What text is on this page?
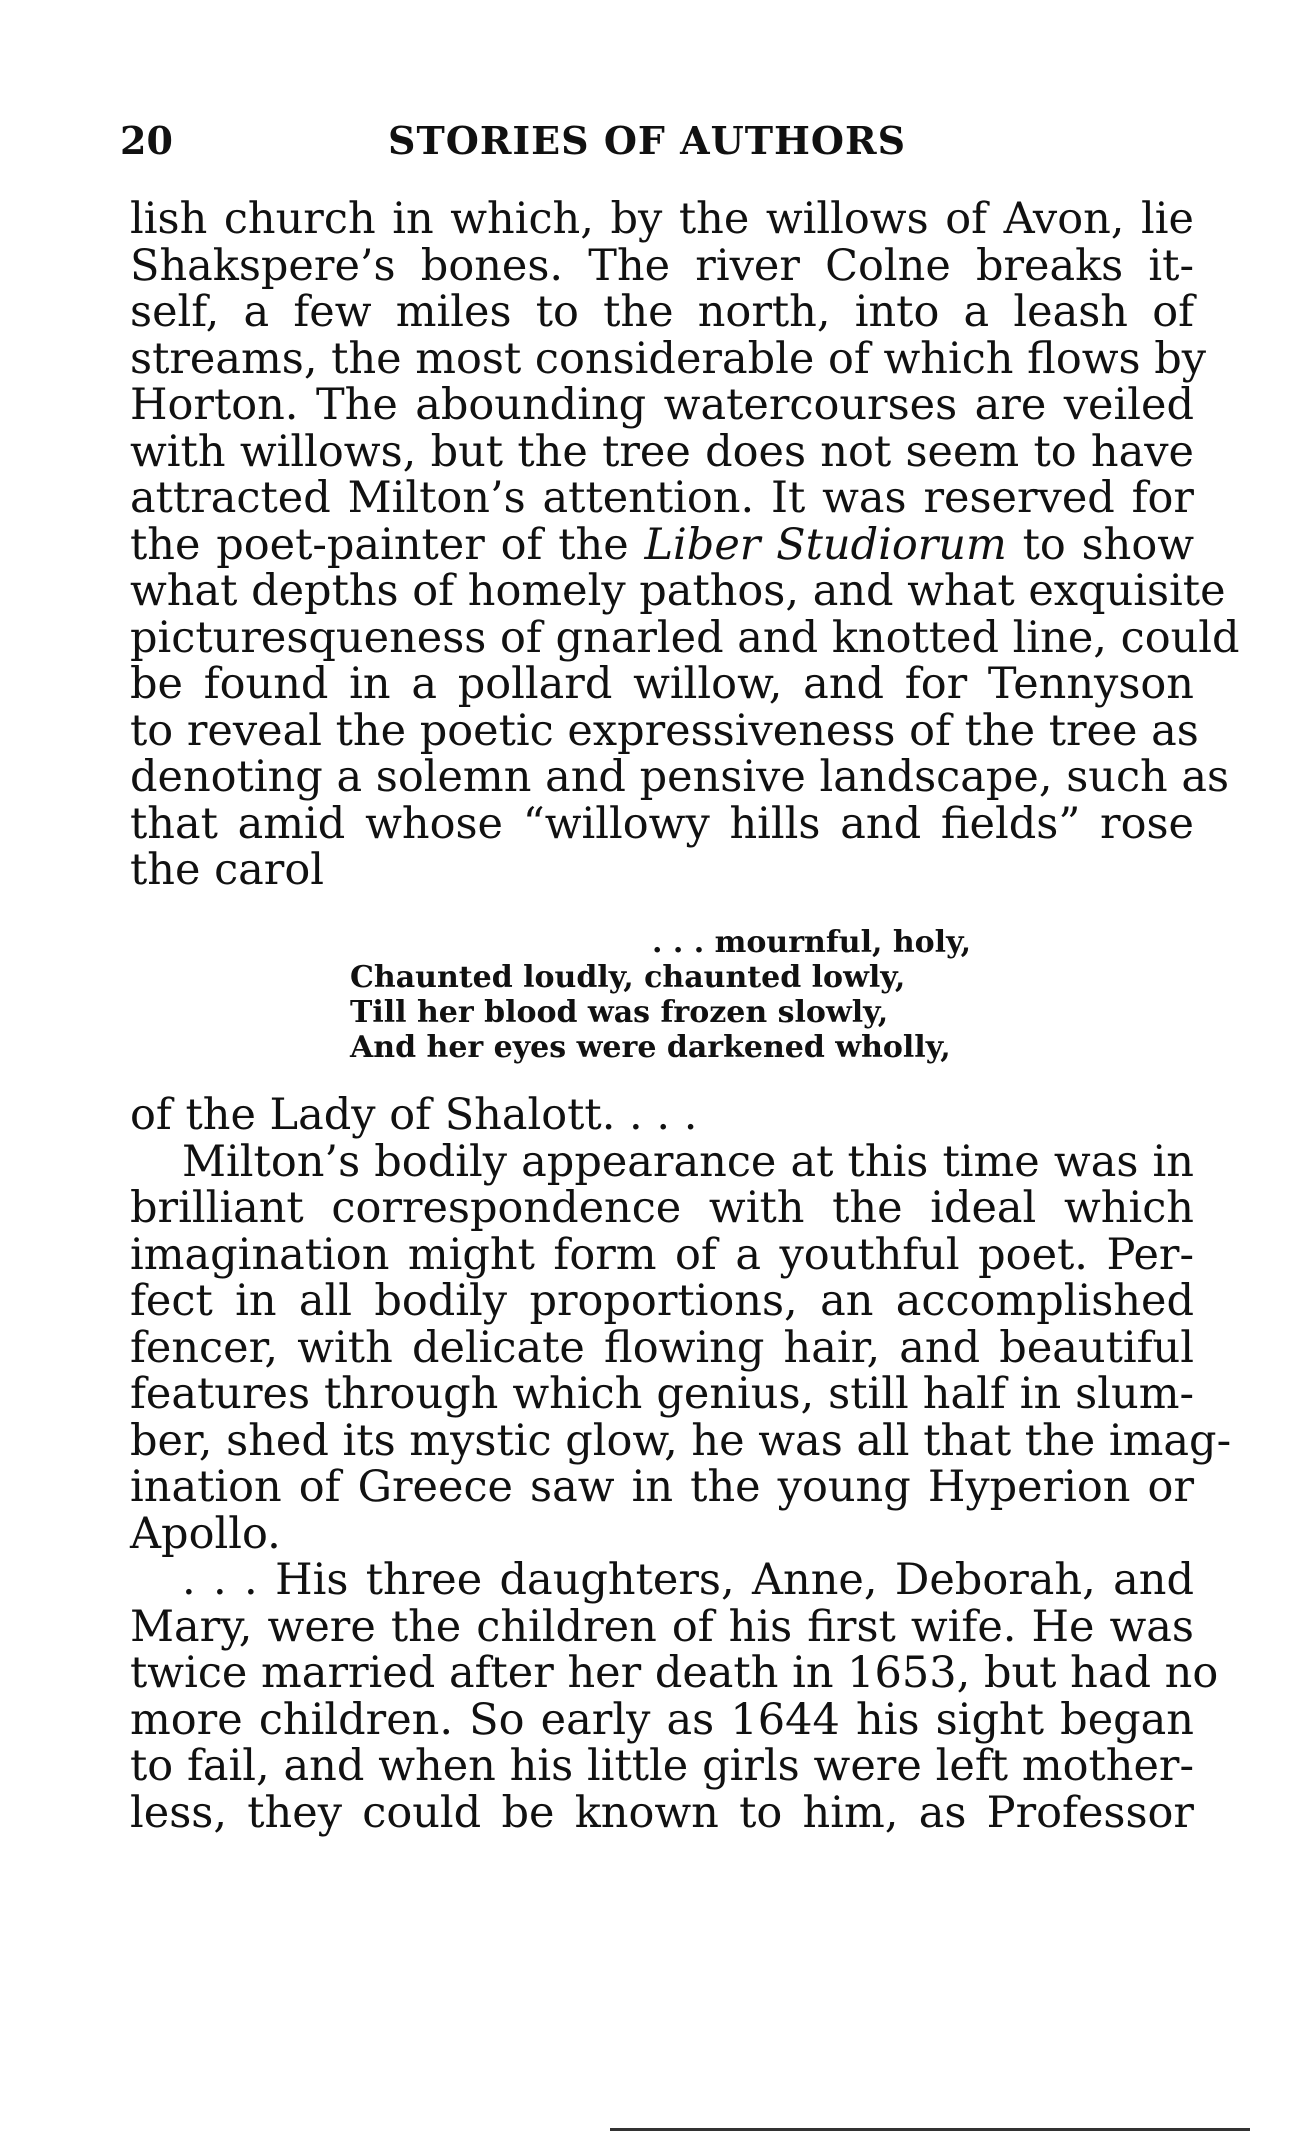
20	STORIES OF AUTHORS
lish church in which, by the willows of Avon, lie
Shakspere’s bones. The river Colne breaks it-
self, a few miles to the north, into a leash of
streams, the most considerable of which flows by
Horton. The abounding watercourses are veiled
with willows, but the tree does not seem to have
attracted Milton’s attention. It was reserved for
the poet-painter of the Liber Studiorum to show
what depths of homely pathos, and what exquisite
picturesqueness of gnarled and knotted line, could
be found in a pollard willow, and for Tennyson
to reveal the poetic expressiveness of the tree as
denoting a solemn and pensive landscape, such as
that amid whose “willowy hills and fields” rose
the carol
. . . mournful, holy,
Chaunted loudly, chaunted lowly,
Till her blood was frozen slowly,
And her eyes were darkened wholly,
of the Lady of Shalott. . . .
Milton’s bodily appearance at this time was in
brilliant correspondence with the ideal which
imagination might form of a youthful poet. Per-
fect in all bodily proportions, an accomplished
fencer, with delicate flowing hair, and beautiful
features through which genius, still half in slum-
ber, shed its mystic glow, he was all that the imag-
ination of Greece saw in the young Hyperion or
Apollo.
. . . His three daughters, Anne, Deborah, and
Mary, were the children of his first wife. He was
twice married after her death in 1653, but had no
more children. So early as 1644 his sight began
to fail, and when his little girls were left mother-
less, they could be known to him, as Professor
